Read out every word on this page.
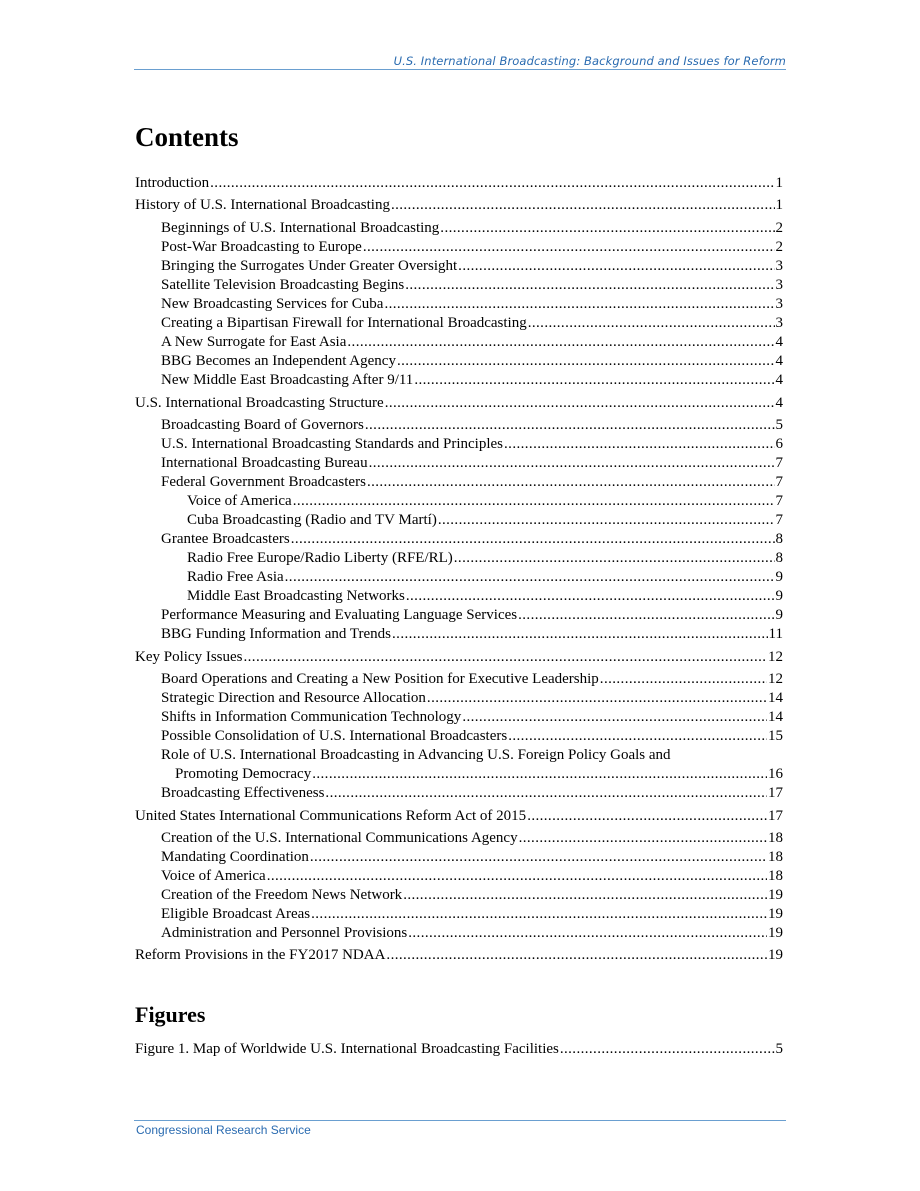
U.S. International Broadcasting: Background and Issues for Reform
Contents
Introduction .....	1
History of U.S. International Broadcasting .....	1
Beginnings of U.S. International Broadcasting .....	2
Post-War Broadcasting to Europe .....	2
Bringing the Surrogates Under Greater Oversight .....	3
Satellite Television Broadcasting Begins .....	3
New Broadcasting Services for Cuba .....	3
Creating a Bipartisan Firewall for International Broadcasting .....	3
A New Surrogate for East Asia .....	4
BBG Becomes an Independent Agency .....	4
New Middle East Broadcasting After 9/11 .....	4
U.S. International Broadcasting Structure .....	4
Broadcasting Board of Governors .....	5
U.S. International Broadcasting Standards and Principles .....	6
International Broadcasting Bureau .....	7
Federal Government Broadcasters .....	7
Voice of America .....	7
Cuba Broadcasting (Radio and TV Martí) .....	7
Grantee Broadcasters .....	8
Radio Free Europe/Radio Liberty (RFE/RL) .....	8
Radio Free Asia .....	9
Middle East Broadcasting Networks .....	9
Performance Measuring and Evaluating Language Services .....	9
BBG Funding Information and Trends .....	11
Key Policy Issues .....	12
Board Operations and Creating a New Position for Executive Leadership .....	12
Strategic Direction and Resource Allocation .....	14
Shifts in Information Communication Technology .....	14
Possible Consolidation of U.S. International Broadcasters .....	15
Role of U.S. International Broadcasting in Advancing U.S. Foreign Policy Goals and
Promoting Democracy .....	16
Broadcasting Effectiveness .....	17
United States International Communications Reform Act of 2015 .....	17
Creation of the U.S. International Communications Agency .....	18
Mandating Coordination .....	18
Voice of America .....	18
Creation of the Freedom News Network .....	19
Eligible Broadcast Areas .....	19
Administration and Personnel Provisions .....	19
Reform Provisions in the FY2017 NDAA .....	19
Figures
Figure 1. Map of Worldwide U.S. International Broadcasting Facilities .....	5
Congressional Research Service
